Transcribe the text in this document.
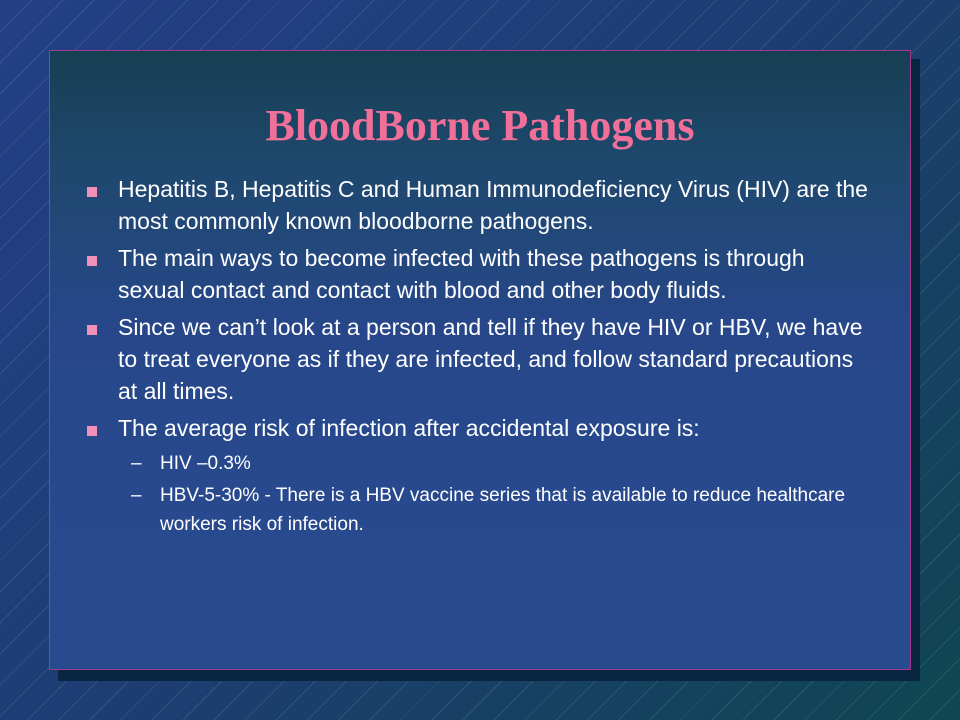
BloodBorne Pathogens
Hepatitis B, Hepatitis C and Human Immunodeficiency Virus (HIV) are the most commonly known bloodborne pathogens.
The main ways to become infected with these pathogens is through sexual contact and contact with blood and other body fluids.
Since we can’t look at a person and tell if they have HIV or HBV, we have to treat everyone as if they are infected, and follow standard precautions at all times.
The average risk of infection after accidental exposure is:
– HIV –0.3%
– HBV-5-30% - There is a HBV vaccine series that is available to reduce healthcare workers risk of infection.
